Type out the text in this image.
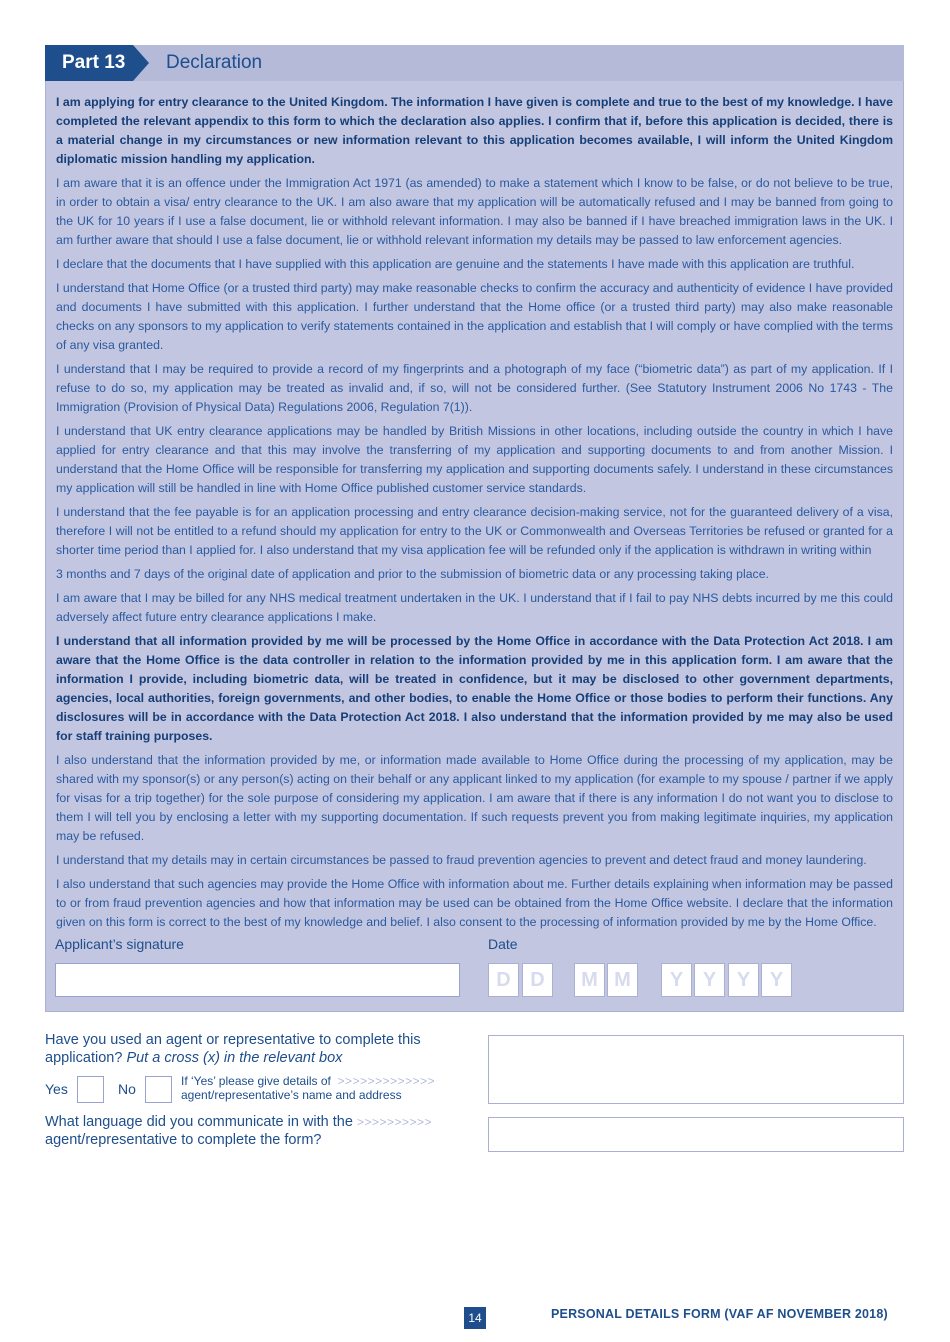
Part 13	Declaration

I am applying for entry clearance to the United Kingdom. The information I have given is complete and true to the best of my knowledge. I have completed the relevant appendix to this form to which the declaration also applies. I confirm that if, before this application is decided, there is a material change in my circumstances or new information relevant to this application becomes available, I will inform the United Kingdom diplomatic mission handling my application.

I am aware that it is an offence under the Immigration Act 1971 (as amended) to make a statement which I know to be false, or do not believe to be true, in order to obtain a visa/ entry clearance to the UK. I am also aware that my application will be automatically refused and I may be banned from going to the UK for 10 years if I use a false document, lie or withhold relevant information. I may also be banned if I have breached immigration laws in the UK. I am further aware that should I use a false document, lie or withhold relevant information my details may be passed to law enforcement agencies.

I declare that the documents that I have supplied with this application are genuine and the statements I have made with this application are truthful.

I understand that Home Office (or a trusted third party) may make reasonable checks to confirm the accuracy and authenticity of evidence I have provided and documents I have submitted with this application. I further understand that the Home office (or a trusted third party) may also make reasonable checks on any sponsors to my application to verify statements contained in the application and establish that I will comply or have complied with the terms of any visa granted.

I understand that I may be required to provide a record of my fingerprints and a photograph of my face (“biometric data”) as part of my application. If I refuse to do so, my application may be treated as invalid and, if so, will not be considered further. (See Statutory Instrument 2006 No 1743 - The Immigration (Provision of Physical Data) Regulations 2006, Regulation 7(1)).

I understand that UK entry clearance applications may be handled by British Missions in other locations, including outside the country in which I have applied for entry clearance and that this may involve the transferring of my application and supporting documents to and from another Mission. I understand that the Home Office will be responsible for transferring my application and supporting documents safely. I understand in these circumstances my application will still be handled in line with Home Office published customer service standards.

I understand that the fee payable is for an application processing and entry clearance decision-making service, not for the guaranteed delivery of a visa, therefore I will not be entitled to a refund should my application for entry to the UK or Commonwealth and Overseas Territories be refused or granted for a shorter time period than I applied for. I also understand that my visa application fee will be refunded only if the application is withdrawn in writing within

3 months and 7 days of the original date of application and prior to the submission of biometric data or any processing taking place.

I am aware that I may be billed for any NHS medical treatment undertaken in the UK. I understand that if I fail to pay NHS debts incurred by me this could adversely affect future entry clearance applications I make.

I understand that all information provided by me will be processed by the Home Office in accordance with the Data Protection Act 2018. I am aware that the Home Office is the data controller in relation to the information provided by me in this application form. I am aware that the information I provide, including biometric data, will be treated in confidence, but it may be disclosed to other government departments, agencies, local authorities, foreign governments, and other bodies, to enable the Home Office or those bodies to perform their functions. Any disclosures will be in accordance with the Data Protection Act 2018. I also understand that the information provided by me may also be used for staff training purposes.

I also understand that the information provided by me, or information made available to Home Office during the processing of my application, may be shared with my sponsor(s) or any person(s) acting on their behalf or any applicant linked to my application (for example to my spouse / partner if we apply for visas for a trip together) for the sole purpose of considering my application. I am aware that if there is any information I do not want you to disclose to them I will tell you by enclosing a letter with my supporting documentation. If such requests prevent you from making legitimate inquiries, my application may be refused.

I understand that my details may in certain circumstances be passed to fraud prevention agencies to prevent and detect fraud and money laundering.

I also understand that such agencies may provide the Home Office with information about me. Further details explaining when information may be passed to or from fraud prevention agencies and how that information may be used can be obtained from the Home Office website. I declare that the information given on this form is correct to the best of my knowledge and belief. I also consent to the processing of information provided by me by the Home Office.

Applicant’s signature	Date
D D	M M	Y Y	Y Y
Have you used an agent or representative to complete this application? Put a cross (x) in the relevant box
Yes	No	If ‘Yes’ please give details of >>>>>>>>>>>>>
agent/representative’s name and address
What language did you communicate in with the >>>>>>>>>>
agent/representative to complete the form?
14	PERSONAL DETAILS FORM (VAF AF NOVEMBER 2018)
